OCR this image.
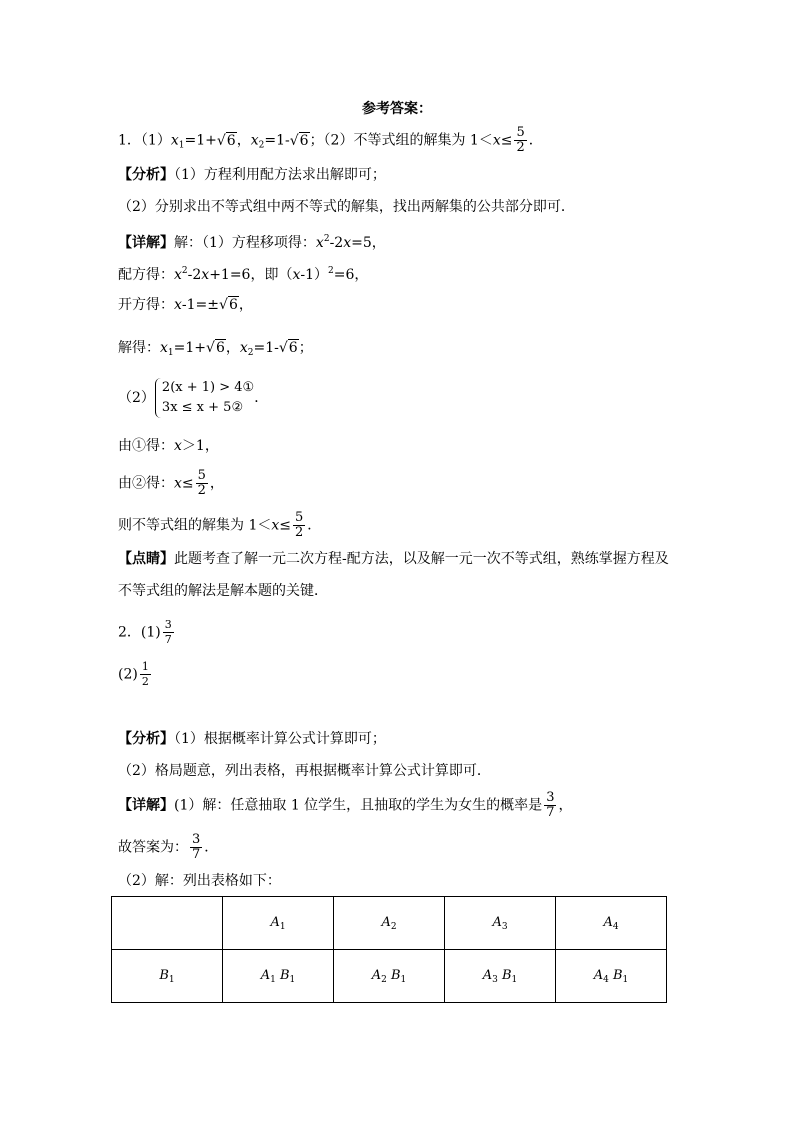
参考答案：
1．$(1)x_1=1+√6$，$x_2=1-√6$；（2）不等式组的解集为 $1<x\le \frac{5}{2}$ ．
【分析】（1）方程利用配方法求出解即可；
（2）分别求出不等式组中两不等式的解集，找出两解集的公共部分即可．
【详解】解：（1）方程移项得：$x^2-2x=5$，
配方得：$x^2-2x+1=6$，即$(x-1)^2=6$，
开方得：x-1=±√6，
解得：$x_1=1+√6$，$x_2=1-√6$；
（2）
2(x + 1) > 4①
3x ≤ x + 5②
．
由①得：x＞1，
由②得：$x\le \frac{5}{2}$ ，
则不等式组的解集为 $1<x\le \frac{5}{2}$ ．
【点睛】此题考查了解一元二次方程-配方法，以及解一元一次不等式组，熟练掌握方程及
不等式组的解法是解本题的关键．
2．$(1) \frac{3}{7}$
$(2) \frac{1}{2}$
【分析】（1）根据概率计算公式计算即可；
（2）格局题意，列出表格，再根据概率计算公式计算即可．
【详解】(1）解：任意抽取 1 位学生，且抽取的学生为女生的概率是 $\frac{3}{7}$ ，
故答案为： $\frac{3}{7}$ ．
（2）解：列出表格如下：
	$A_1$	$A_2$	$A_3$	$A_4$
$B_1$	$A_1$ $B_1$	$A_2$ $B_1$	$A_3$ $B_1$	$A_4$ $B_1$
